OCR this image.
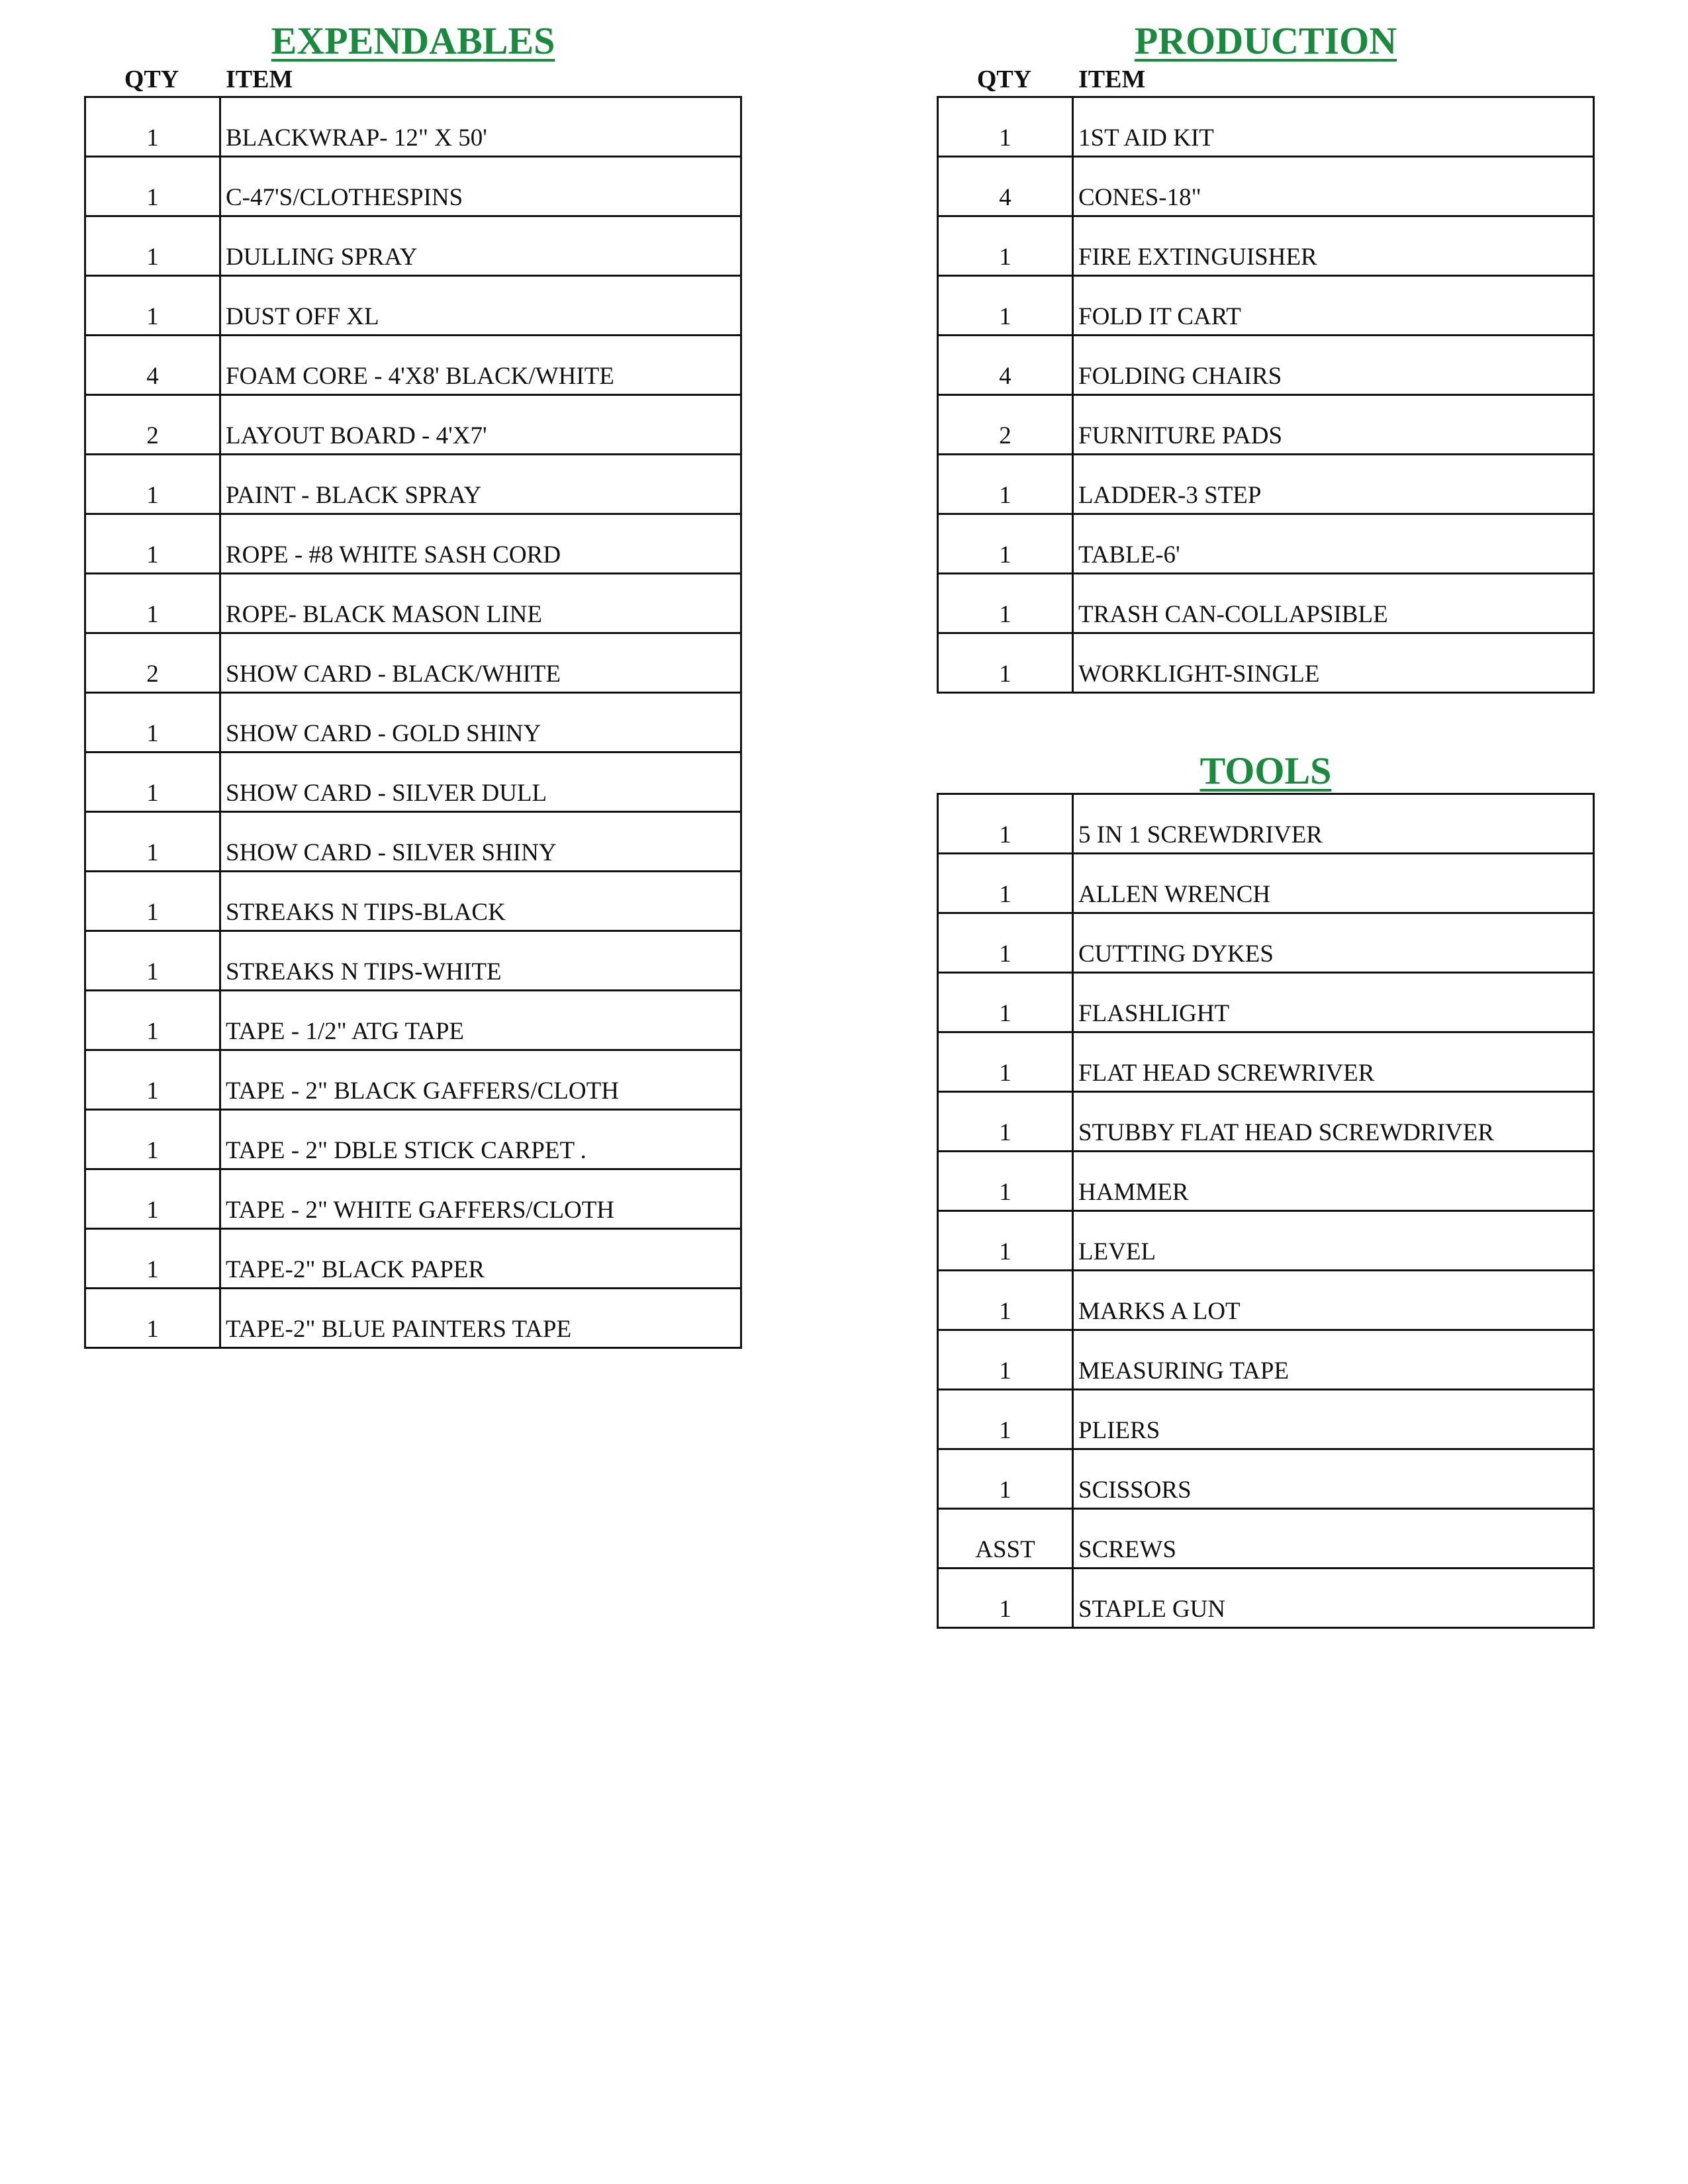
EXPENDABLES
QTY	ITEM
1	BLACKWRAP- 12" X 50'
1	C-47'S/CLOTHESPINS
1	DULLING SPRAY
1	DUST OFF XL
4	FOAM CORE - 4'X8' BLACK/WHITE
2	LAYOUT BOARD - 4'X7'
1	PAINT - BLACK SPRAY
1	ROPE - #8 WHITE SASH CORD
1	ROPE- BLACK MASON LINE
2	SHOW CARD - BLACK/WHITE
1	SHOW CARD - GOLD SHINY
1	SHOW CARD - SILVER DULL
1	SHOW CARD - SILVER SHINY
1	STREAKS N TIPS-BLACK
1	STREAKS N TIPS-WHITE
1	TAPE - 1/2" ATG TAPE
1	TAPE - 2" BLACK GAFFERS/CLOTH
1	TAPE - 2" DBLE STICK CARPET .
1	TAPE - 2" WHITE GAFFERS/CLOTH
1	TAPE-2" BLACK PAPER
1	TAPE-2" BLUE PAINTERS TAPE
PRODUCTION
QTY	ITEM
1	1ST AID KIT
4	CONES-18"
1	FIRE EXTINGUISHER
1	FOLD IT CART
4	FOLDING CHAIRS
2	FURNITURE PADS
1	LADDER-3 STEP
1	TABLE-6'
1	TRASH CAN-COLLAPSIBLE
1	WORKLIGHT-SINGLE
TOOLS
1	5 IN 1 SCREWDRIVER
1	ALLEN WRENCH
1	CUTTING DYKES
1	FLASHLIGHT
1	FLAT HEAD SCREWRIVER
1	STUBBY FLAT HEAD SCREWDRIVER
1	HAMMER
1	LEVEL
1	MARKS A LOT
1	MEASURING TAPE
1	PLIERS
1	SCISSORS
ASST	SCREWS
1	STAPLE GUN
